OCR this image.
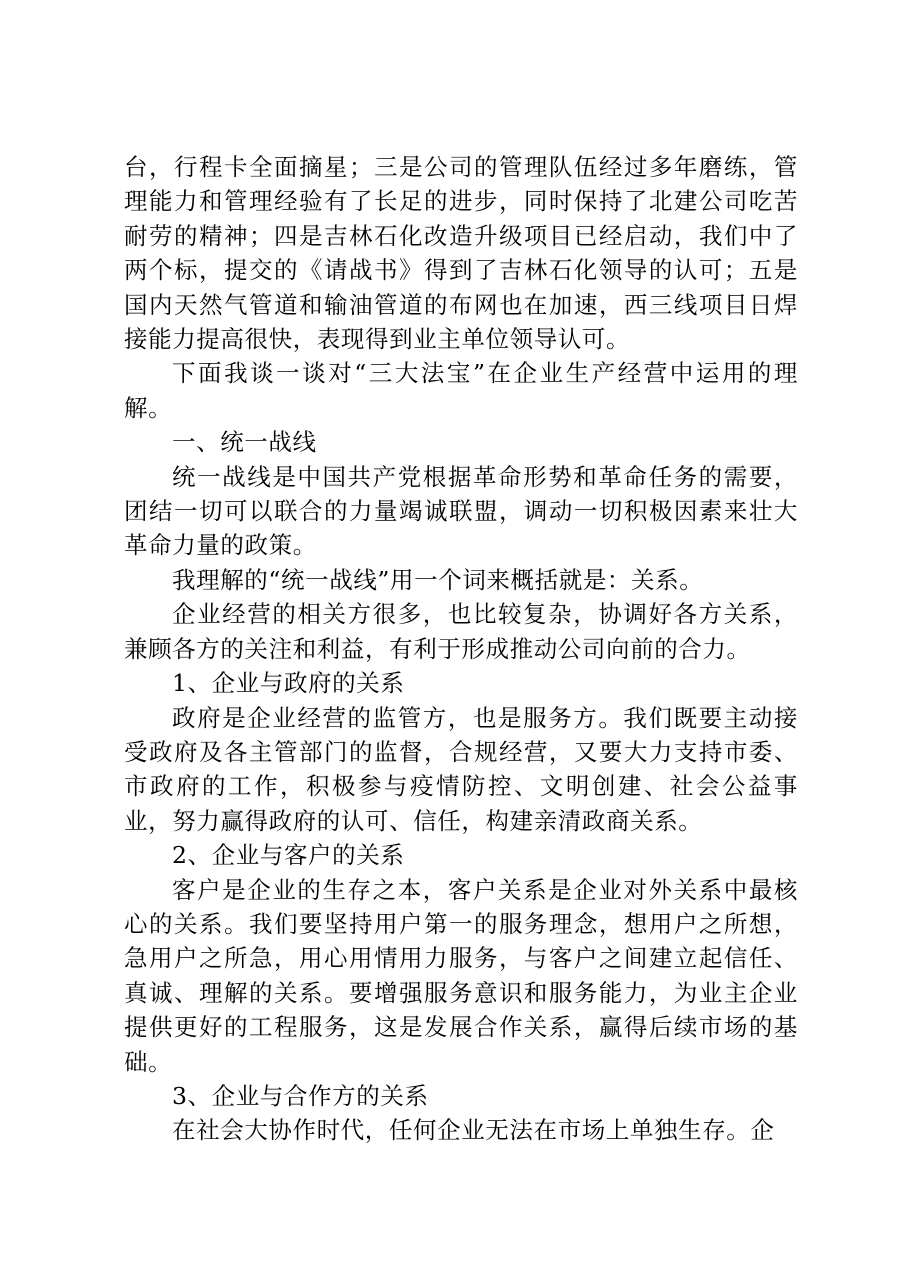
台，行程卡全面摘星；三是公司的管理队伍经过多年磨练，管理能力和管理经验有了长足的进步，同时保持了北建公司吃苦耐劳的精神；四是吉林石化改造升级项目已经启动，我们中了两个标，提交的《请战书》得到了吉林石化领导的认可；五是国内天然气管道和输油管道的布网也在加速，西三线项目日焊接能力提高很快，表现得到业主单位领导认可。

下面我谈一谈对“三大法宝”在企业生产经营中运用的理解。

一、统一战线

统一战线是中国共产党根据革命形势和革命任务的需要，团结一切可以联合的力量竭诚联盟，调动一切积极因素来壮大革命力量的政策。

我理解的“统一战线”用一个词来概括就是：关系。

企业经营的相关方很多，也比较复杂，协调好各方关系，兼顾各方的关注和利益，有利于形成推动公司向前的合力。

1、企业与政府的关系

政府是企业经营的监管方，也是服务方。我们既要主动接受政府及各主管部门的监督，合规经营，又要大力支持市委、市政府的工作，积极参与疫情防控、文明创建、社会公益事业，努力赢得政府的认可、信任，构建亲清政商关系。

2、企业与客户的关系

客户是企业的生存之本，客户关系是企业对外关系中最核心的关系。我们要坚持用户第一的服务理念，想用户之所想，急用户之所急，用心用情用力服务，与客户之间建立起信任、真诚、理解的关系。要增强服务意识和服务能力，为业主企业提供更好的工程服务，这是发展合作关系，赢得后续市场的基础。

3、企业与合作方的关系

在社会大协作时代，任何企业无法在市场上单独生存。企
